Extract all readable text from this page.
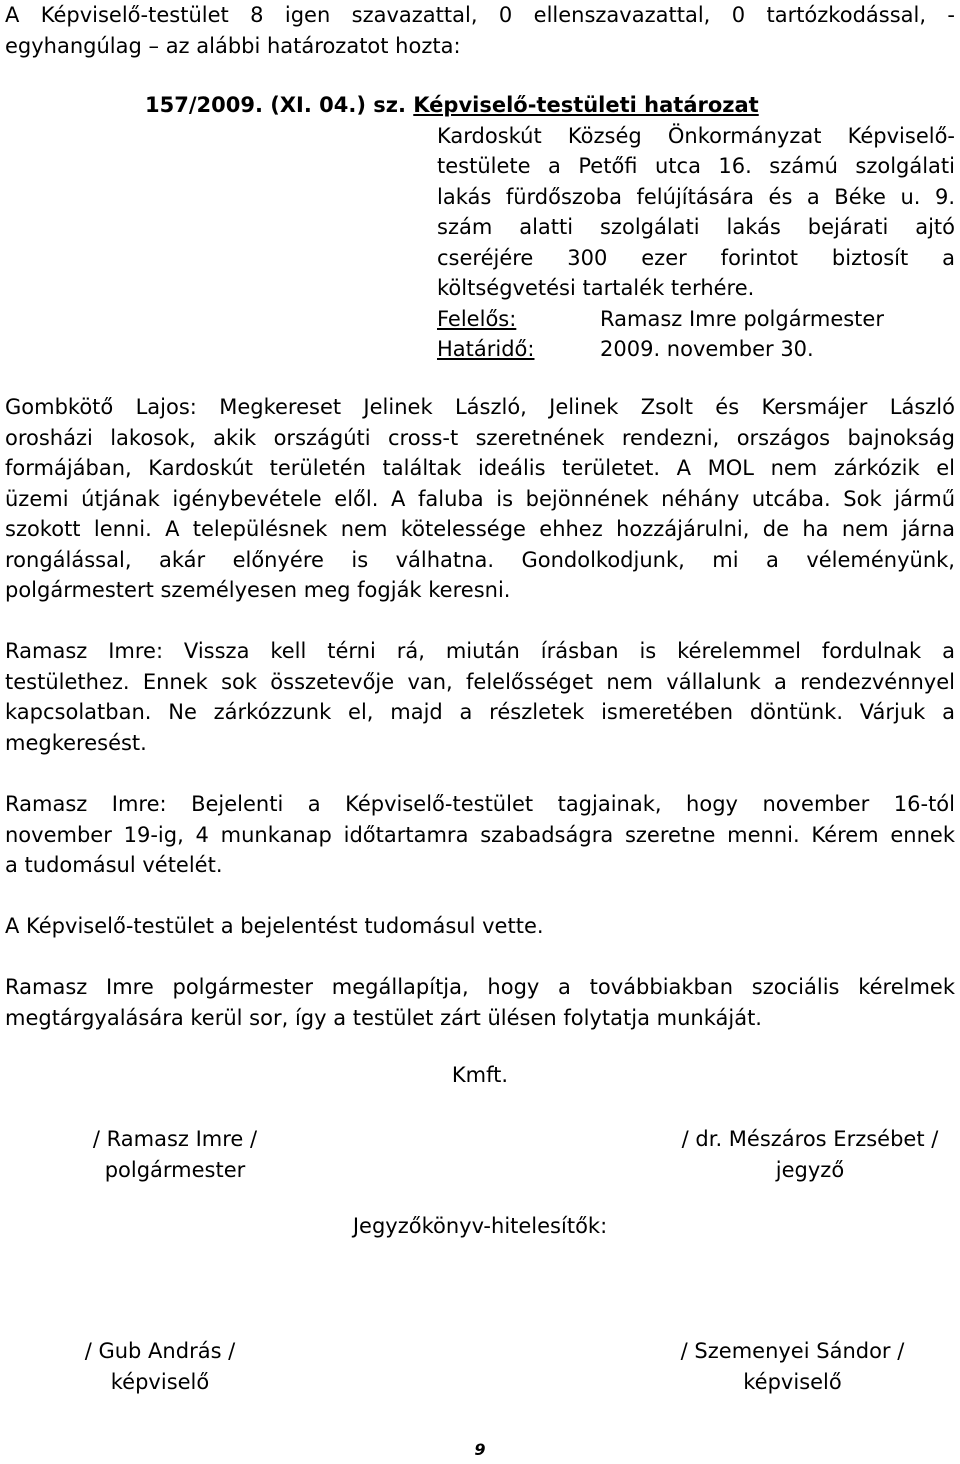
A Képviselő-testület 8 igen szavazattal, 0 ellenszavazattal, 0 tartózkodással, -

egyhangúlag – az alábbi határozatot hozta:

157/2009. (XI. 04.) sz. Képviselő-testületi határozat

Kardoskút Község Önkormányzat Képviselő-

testülete a Petőfi utca 16. számú szolgálati

lakás fürdőszoba felújítására és a Béke u. 9.

szám alatti szolgálati lakás bejárati ajtó

cseréjére 300 ezer forintot biztosít a

költségvetési tartalék terhére.

Felelős:	Ramasz Imre polgármester
Határidő:	2009. november 30.

Gombkötő Lajos: Megkereset Jelinek László, Jelinek Zsolt és Kersmájer László

orosházi lakosok, akik országúti cross-t szeretnének rendezni, országos bajnokság

formájában, Kardoskút területén találtak ideális területet. A MOL nem zárkózik el

üzemi útjának igénybevétele elől. A faluba is bejönnének néhány utcába. Sok jármű

szokott lenni. A településnek nem kötelessége ehhez hozzájárulni, de ha nem járna

rongálással, akár előnyére is válhatna. Gondolkodjunk, mi a véleményünk,

polgármestert személyesen meg fogják keresni.

Ramasz Imre: Vissza kell térni rá, miután írásban is kérelemmel fordulnak a

testülethez. Ennek sok összetevője van, felelősséget nem vállalunk a rendezvénnyel

kapcsolatban. Ne zárkózzunk el, majd a részletek ismeretében döntünk. Várjuk a

megkeresést.

Ramasz Imre: Bejelenti a Képviselő-testület tagjainak, hogy november 16-tól

november 19-ig, 4 munkanap időtartamra szabadságra szeretne menni. Kérem ennek

a tudomásul vételét.

A Képviselő-testület a bejelentést tudomásul vette.

Ramasz Imre polgármester megállapítja, hogy a továbbiakban szociális kérelmek

megtárgyalására kerül sor, így a testület zárt ülésen folytatja munkáját.

Kmft.
/ Ramasz Imre /
polgármester
/ dr. Mészáros Erzsébet /
jegyző
Jegyzőkönyv-hitelesítők:
/ Gub András /
képviselő
/ Szemenyei Sándor /
képviselő
9
